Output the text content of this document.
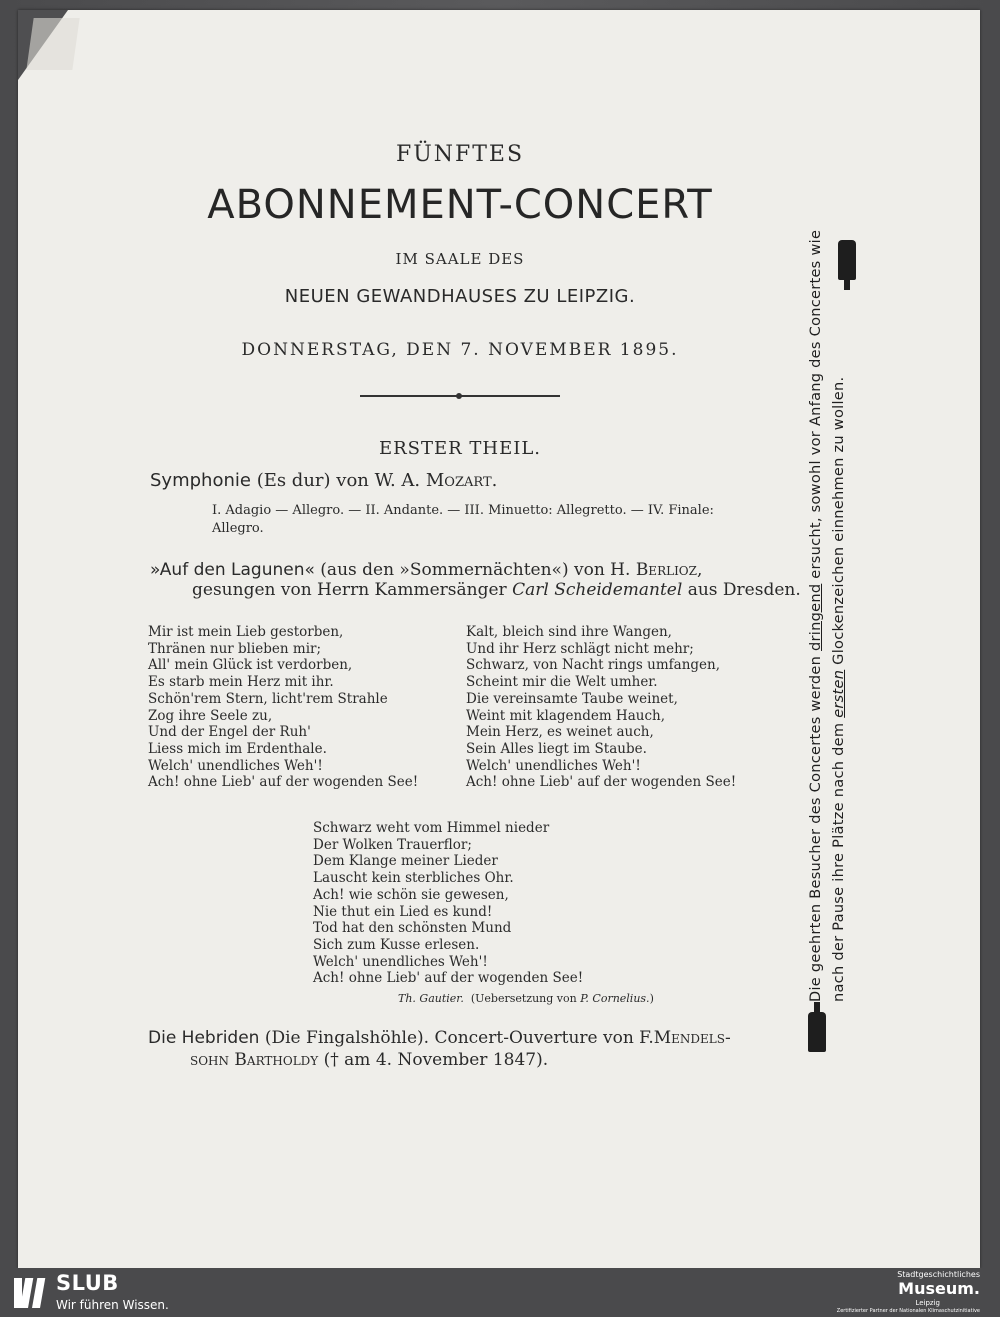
FÜNFTES
ABONNEMENT-CONCERT
IM SAALE DES
NEUEN GEWANDHAUSES ZU LEIPZIG.
DONNERSTAG, DEN 7. NOVEMBER 1895.
ERSTER THEIL.
Symphonie (Es dur) von W. A. Mozart.
I. Adagio — Allegro. — II. Andante. — III. Minuetto: Allegretto. — IV. Finale:
Allegro.
»Auf den Lagunen« (aus den »Sommernächten«) von H. Berlioz,
gesungen von Herrn Kammersänger Carl Scheidemantel aus Dresden.
Mir ist mein Lieb gestorben,
Thränen nur blieben mir;
All' mein Glück ist verdorben,
Es starb mein Herz mit ihr.
Schön'rem Stern, licht'rem Strahle
Zog ihre Seele zu,
Und der Engel der Ruh'
Liess mich im Erdenthale.
Welch' unendliches Weh'!
Ach! ohne Lieb' auf der wogenden See!
Kalt, bleich sind ihre Wangen,
Und ihr Herz schlägt nicht mehr;
Schwarz, von Nacht rings umfangen,
Scheint mir die Welt umher.
Die vereinsamte Taube weinet,
Weint mit klagendem Hauch,
Mein Herz, es weinet auch,
Sein Alles liegt im Staube.
Welch' unendliches Weh'!
Ach! ohne Lieb' auf der wogenden See!
Schwarz weht vom Himmel nieder
Der Wolken Trauerflor;
Dem Klange meiner Lieder
Lauscht kein sterbliches Ohr.
Ach! wie schön sie gewesen,
Nie thut ein Lied es kund!
Tod hat den schönsten Mund
Sich zum Kusse erlesen.
Welch' unendliches Weh'!
Ach! ohne Lieb' auf der wogenden See!
Th. Gautier. (Uebersetzung von P. Cornelius.)
Die Hebriden (Die Fingalshöhle). Concert-Ouverture von F.Mendels-
sohn Bartholdy († am 4. November 1847).
Die geehrten Besucher des Concertes werden dringend ersucht, sowohl vor Anfang des Concertes wie
nach der Pause ihre Plätze nach dem ersten Glockenzeichen einnehmen zu wollen.
SLUB
Wir führen Wissen.
Stadtgeschichtliches
Museum.
Leipzig
Zertifizierter Partner der Nationalen Klimaschutzinitiative
